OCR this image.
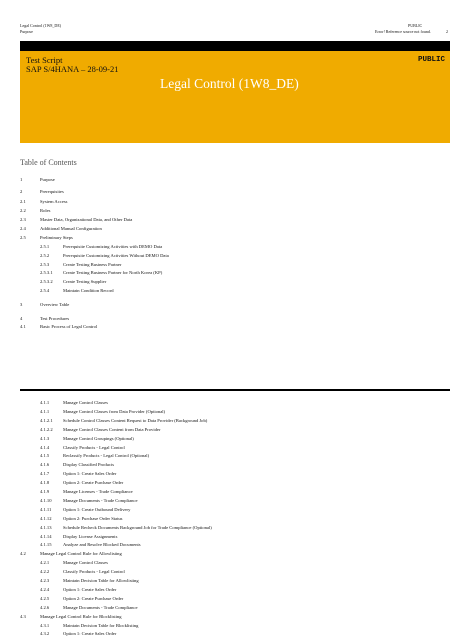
Legal Control (1W8_DE)
Purpose
PUBLIC
Error! Reference source not found.	2
Test Script
SAP S/4HANA – 28-09-21
PUBLIC
Legal Control (1W8_DE)
Table of Contents
1	Purpose
2	Prerequisites
2.1	System Access
2.2	Roles
2.3	Master Data, Organizational Data, and Other Data
2.4	Additional Manual Configuration
2.5	Preliminary Steps
2.5.1	Prerequisite Customizing Activities with DEMO Data
2.5.2	Prerequisite Customizing Activities Without DEMO Data
2.5.3	Create Testing Business Partner
2.5.3.1 Create Testing Business Partner for North Korea (KP)
2.5.3.2 Create Testing Supplier
2.5.4	Maintain Condition Record
3	Overview Table
4	Test Procedures
4.1	Basic Process of Legal Control
4.1.1	Manage Control Classes
4.1.1	Manage Control Classes from Data Provider (Optional)
4.1.2.1 Schedule Control Classes Content Request to Data Provider (Background Job)
4.1.2.2 Manage Control Classes Content from Data Provider
4.1.3	Manage Control Groupings (Optional)
4.1.4	Classify Products - Legal Control
4.1.5	Reclassify Products - Legal Control (Optional)
4.1.6	Display Classified Products
4.1.7	Option 1: Create Sales Order
4.1.8	Option 2: Create Purchase Order
4.1.9	Manage Licenses - Trade Compliance
4.1.10	Manage Documents - Trade Compliance
4.1.11	Option 1: Create Outbound Delivery
4.1.12	Option 2: Purchase Order Status
4.1.13	Schedule Recheck Documents Background Job for Trade Compliance (Optional)
4.1.14	Display License Assignments
4.1.15	Analyze and Resolve Blocked Documents
4.2	Manage Legal Control Rule for Allowlisting
4.2.1	Manage Control Classes
4.2.2	Classify Products - Legal Control
4.2.3	Maintain Decision Table for Allowlisting
4.2.4	Option 1: Create Sales Order
4.2.5	Option 2: Create Purchase Order
4.2.6	Manage Documents - Trade Compliance
4.3	Manage Legal Control Rule for Blocklisting
4.3.1	Maintain Decision Table for Blocklisting
4.3.2	Option 1: Create Sales Order
